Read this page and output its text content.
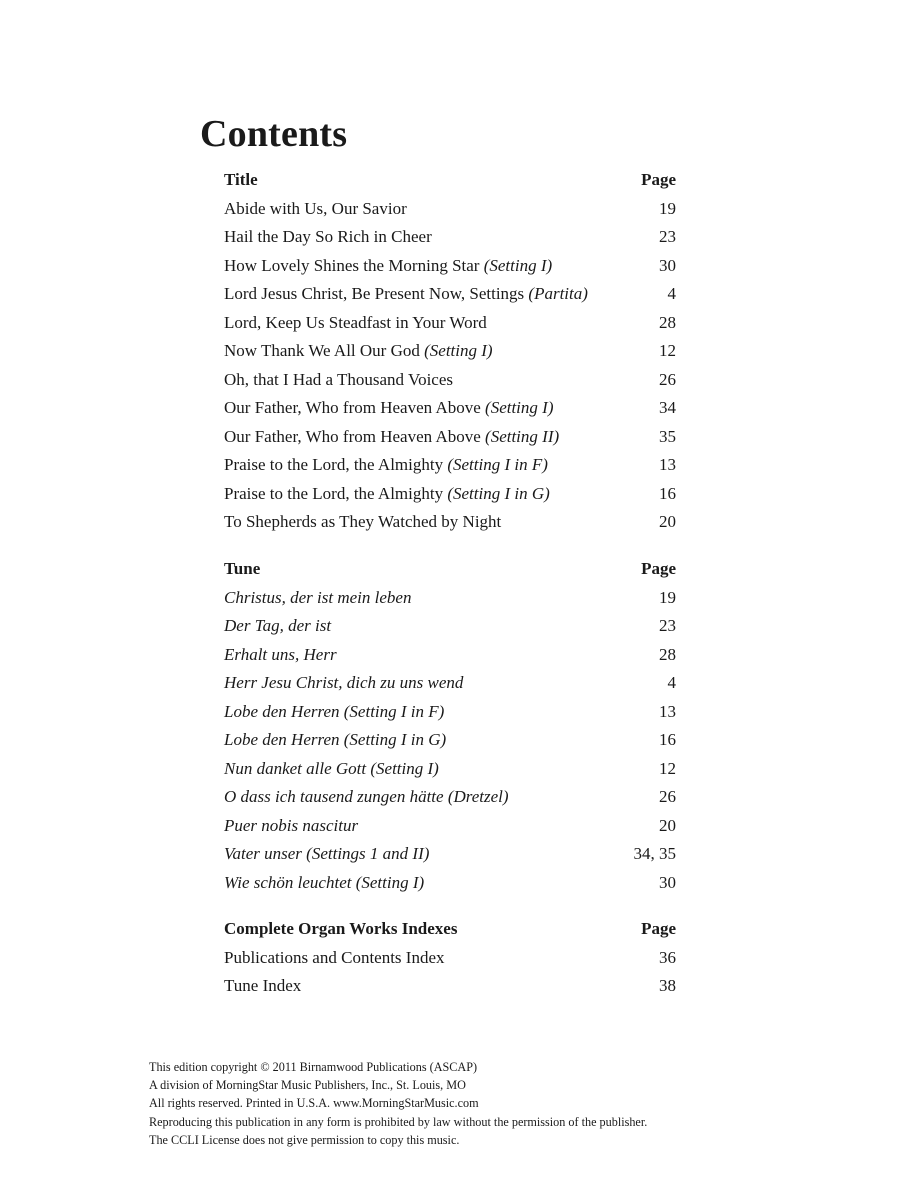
Contents
Title	Page
Abide with Us, Our Savior	19
Hail the Day So Rich in Cheer	23
How Lovely Shines the Morning Star (Setting I)	30
Lord Jesus Christ, Be Present Now, Settings (Partita)	4
Lord, Keep Us Steadfast in Your Word	28
Now Thank We All Our God (Setting I)	12
Oh, that I Had a Thousand Voices	26
Our Father, Who from Heaven Above (Setting I)	34
Our Father, Who from Heaven Above (Setting II)	35
Praise to the Lord, the Almighty (Setting I in F)	13
Praise to the Lord, the Almighty (Setting I in G)	16
To Shepherds as They Watched by Night	20
Tune	Page
Christus, der ist mein leben	19
Der Tag, der ist	23
Erhalt uns, Herr	28
Herr Jesu Christ, dich zu uns wend	4
Lobe den Herren (Setting I in F)	13
Lobe den Herren (Setting I in G)	16
Nun danket alle Gott (Setting I)	12
O dass ich tausend zungen hätte (Dretzel)	26
Puer nobis nascitur	20
Vater unser (Settings 1 and II)	34, 35
Wie schön leuchtet (Setting I)	30
Complete Organ Works Indexes	Page
Publications and Contents Index	36
Tune Index	38
This edition copyright © 2011 Birnamwood Publications (ASCAP)
A division of MorningStar Music Publishers, Inc., St. Louis, MO
All rights reserved. Printed in U.S.A. www.MorningStarMusic.com
Reproducing this publication in any form is prohibited by law without the permission of the publisher.
The CCLI License does not give permission to copy this music.
